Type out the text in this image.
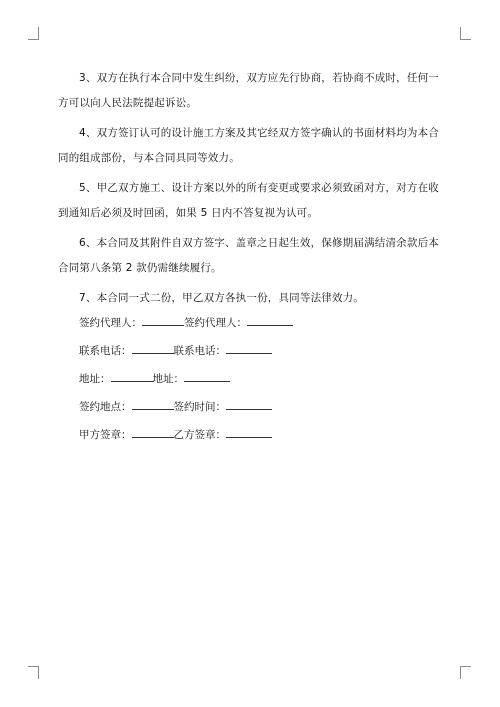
3、双方在执行本合同中发生纠纷，双方应先行协商，若协商不成时，任何一方可以向人民法院提起诉讼。

4、双方签订认可的设计施工方案及其它经双方签字确认的书面材料均为本合同的组成部份，与本合同具同等效力。

5、甲乙双方施工、设计方案以外的所有变更或要求必须致函对方，对方在收到通知后必须及时回函，如果 5 日内不答复视为认可。

6、本合同及其附件自双方签字、盖章之日起生效，保修期届满结清余款后本合同第八条第 2 款仍需继续履行。

7、本合同一式二份，甲乙双方各执一份，具同等法律效力。

签约代理人：	签约代理人：
联系电话：	联系电话：
地址：	地址：
签约地点：	签约时间：
甲方签章：	乙方签章：
